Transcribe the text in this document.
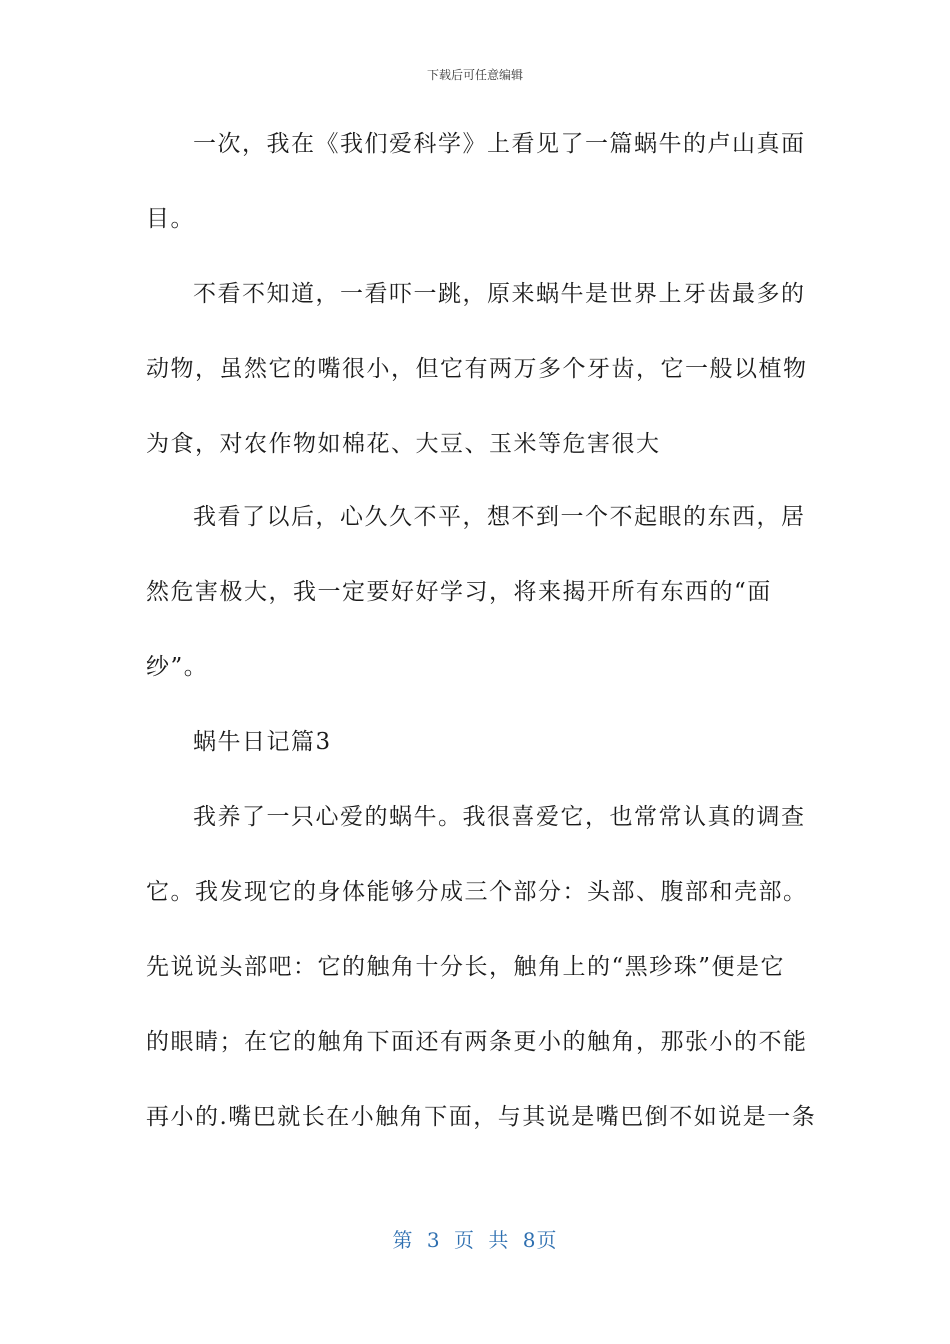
下载后可任意编辑
一次，我在《我们爱科学》上看见了一篇蜗牛的卢山真面
目。
不看不知道，一看吓一跳，原来蜗牛是世界上牙齿最多的
动物，虽然它的嘴很小，但它有两万多个牙齿，它一般以植物
为食，对农作物如棉花、大豆、玉米等危害很大
我看了以后，心久久不平，想不到一个不起眼的东西，居
然危害极大，我一定要好好学习，将来揭开所有东西的“面
纱”。
蜗牛日记篇3
我养了一只心爱的蜗牛。我很喜爱它，也常常认真的调查
它。我发现它的身体能够分成三个部分：头部、腹部和壳部。
先说说头部吧：它的触角十分长，触角上的“黑珍珠”便是它
的眼睛；在它的触角下面还有两条更小的触角，那张小的不能
再小的.嘴巴就长在小触角下面，与其说是嘴巴倒不如说是一条
第 3 页 共 8页
